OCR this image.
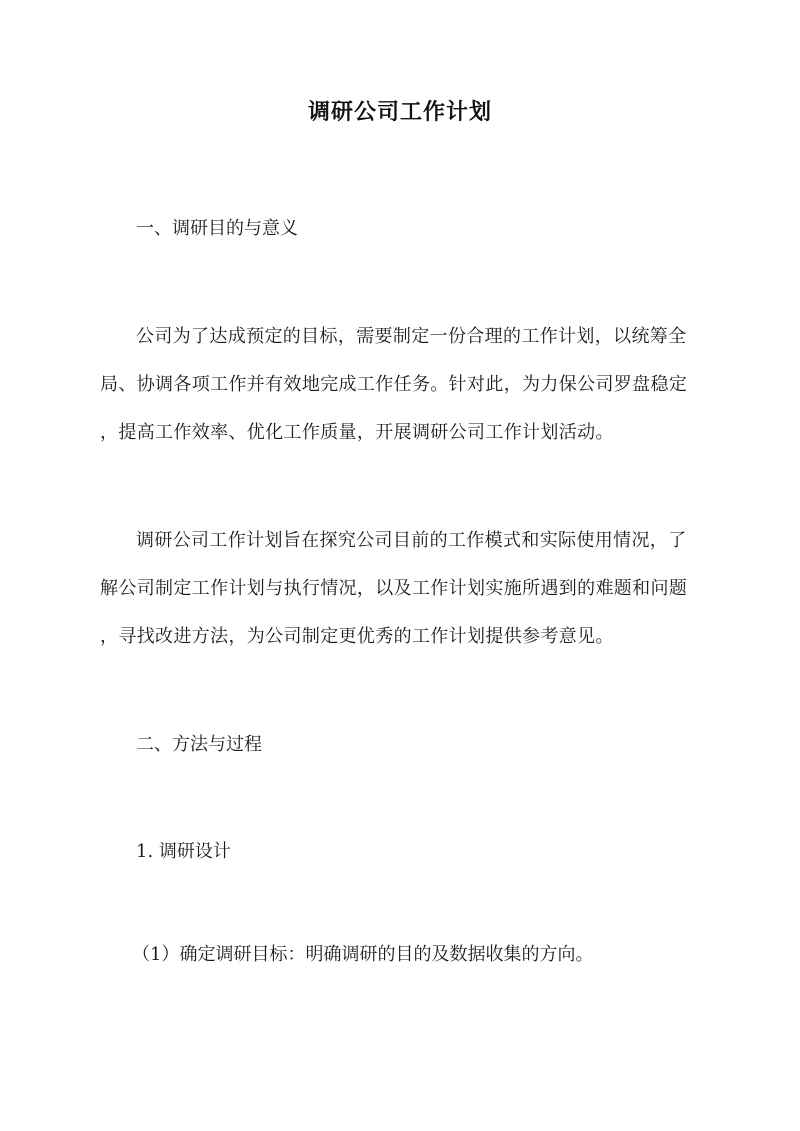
调研公司工作计划
一、调研目的与意义
公司为了达成预定的目标，需要制定一份合理的工作计划，以统筹全
局、协调各项工作并有效地完成工作任务。针对此，为力保公司罗盘稳定
，提高工作效率、优化工作质量，开展调研公司工作计划活动。
调研公司工作计划旨在探究公司目前的工作模式和实际使用情况，了
解公司制定工作计划与执行情况，以及工作计划实施所遇到的难题和问题
，寻找改进方法，为公司制定更优秀的工作计划提供参考意见。
二、方法与过程
1. 调研设计
（1）确定调研目标：明确调研的目的及数据收集的方向。
